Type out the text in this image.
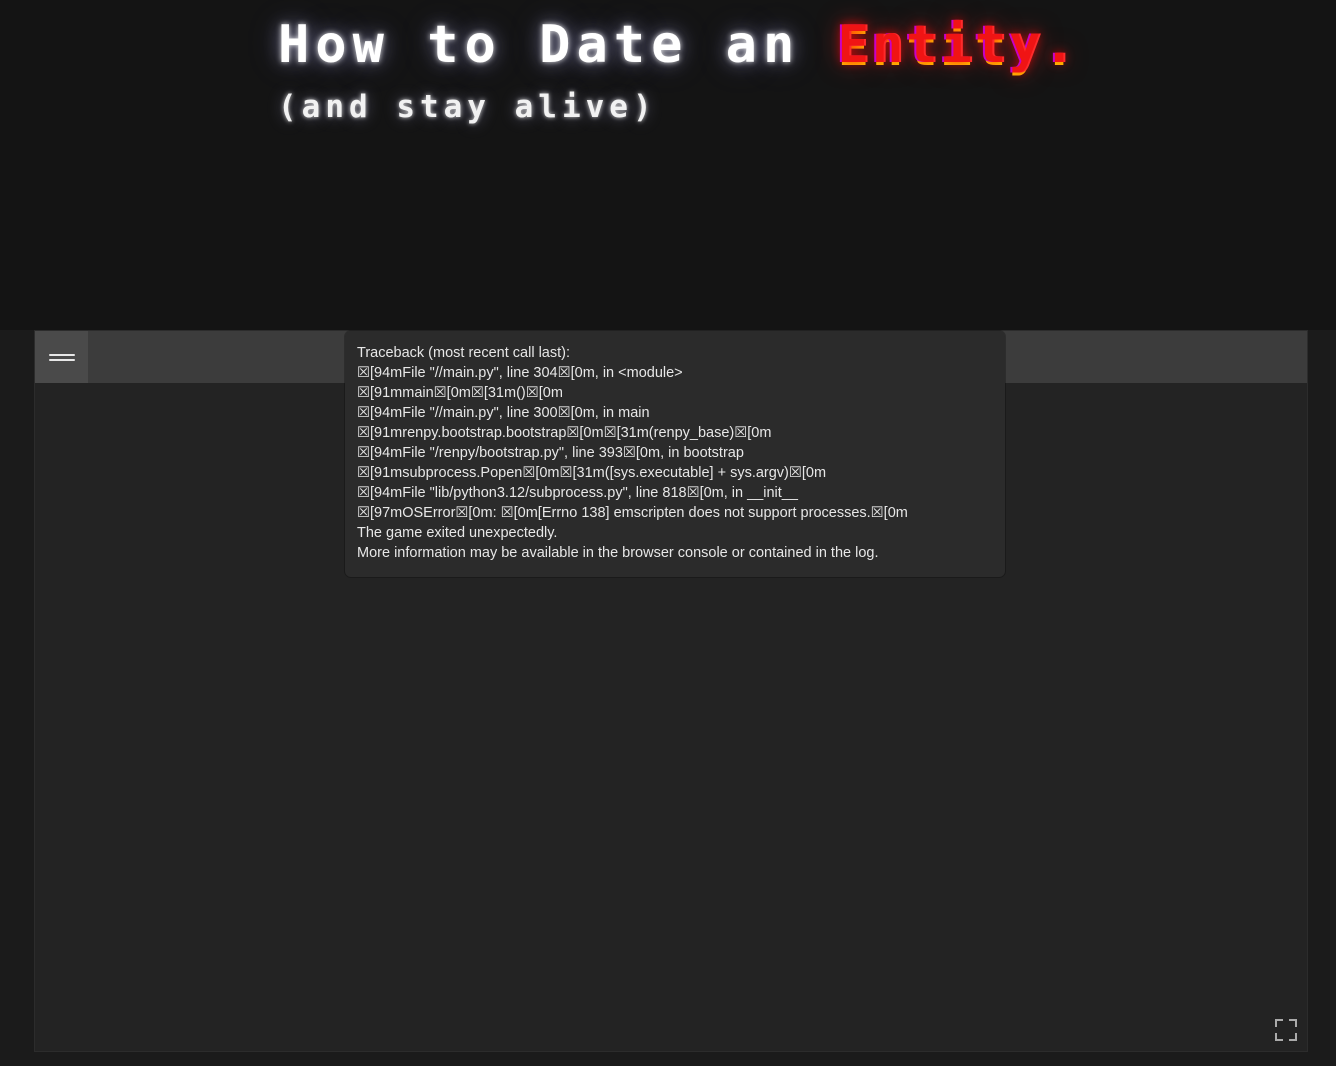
How to Date an Entity.
(and stay alive)
Traceback (most recent call last):
☒[94mFile "//main.py", line 304☒[0m, in <module>
☒[91mmain☒[0m☒[31m()☒[0m
☒[94mFile "//main.py", line 300☒[0m, in main
☒[91mrenpy.bootstrap.bootstrap☒[0m☒[31m(renpy_base)☒[0m
☒[94mFile "/renpy/bootstrap.py", line 393☒[0m, in bootstrap
☒[91msubprocess.Popen☒[0m☒[31m([sys.executable] + sys.argv)☒[0m
☒[94mFile "lib/python3.12/subprocess.py", line 818☒[0m, in __init__
☒[97mOSError☒[0m: ☒[0m[Errno 138] emscripten does not support processes.☒[0m
The game exited unexpectedly.
More information may be available in the browser console or contained in the log.
